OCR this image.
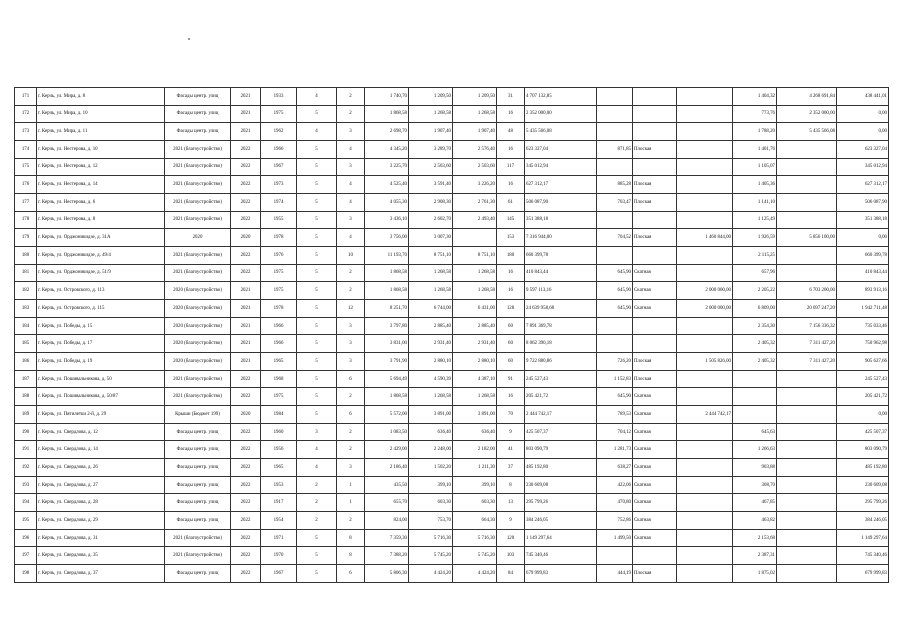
171	г. Керчь, ул. Мира, д. 8	Фасады центр. улиц	2021	1933	4	2	1 740,70	1 209,50	1 209,50	31	4 707 132,85				1 404,32	4 268 691,84	438 441,01
172	г. Керчь, ул. Мира, д. 10	Фасады центр. улиц	2021	1975	5	2	1 868,58	1 268,58	1 268,58	16	2 352 000,00				773,76	2 352 000,00	0,00
173	г. Керчь, ул. Мира, д. 11	Фасады центр. улиц	2021	1962	4	3	2 698,70	1 907,40	1 907,40	48	5 435 566,08				1 788,20	5 435 566,08	0,00
174	г. Керчь, ул. Нестерова, д. 10	2021 (благоустройство)	2022	1966	5	4	4 345,20	3 289,70	2 576,40	16	623 327,04	871,85	Плоская		1 401,76		623 327,04
175	г. Керчь, ул. Нестерова, д. 12	2021 (благоустройство)	2022	1967	5	3	3 225,70	2 503,60	2 503,60	117	345 012,94				1 105,07		345 012,94
176	г. Керчь, ул. Нестерова, д. 14	2021 (благоустройство)	2022	1973	5	4	4 525,40	3 591,40	3 226,20	16	627 312,17	885,28	Плоская		1 405,36		627 312,17
177	г. Керчь, ул. Нестерова, д. 6	2021 (благоустройство)	2022	1974	5	4	4 055,30	2 908,30	2 761,30	61	506 087,90	703,47	Плоская		1 141,10		506 087,90
178	г. Керчь, ул. Нестерова, д. 8	2021 (благоустройство)	2022	1955	5	3	3 436,10	2 602,70	2 493,40	145	351 388,18				1 125,49		351 388,18
179	г. Керчь, ул. Орджоникидзе, д. 31А	2020	2020	1978	5	4	3 756,00	3 007,30		153	7 316 944,00	704,52	Плоская	1 460 844,00	1 926,59	5 856 100,00	0,00
180	г. Керчь, ул. Орджоникидзе, д. 49/4	2021 (благоустройство)	2022	1976	5	10	11 193,70	8 751,10	8 751,10	180	660 399,78				2 115,25		660 399,78
181	г. Керчь, ул. Орджоникидзе, д. 51/9	2021 (благоустройство)	2022	1975	5	2	1 868,58	1 268,58	1 268,58	16	410 843,44	645,90	Скатная		657,96		410 843,44
182	г. Керчь, ул. Островского, д. 113	2020 (благоустройство)	2021	1975	5	2	1 868,58	1 268,58	1 268,58	16	9 597 113,16	645,90	Скатная	2 000 000,00	2 205,22	6 703 200,00	893 913,16
183	г. Керчь, ул. Островского, д. 115	2020 (благоустройство)	2021	1978	5	12	8 251,70	6 744,00	6 431,00	128	24 639 958,68	645,90	Скатная	2 000 000,00	6 809,00	20 697 247,20	1 942 711,48
184	г. Керчь, ул. Победы, д. 15	2020 (благоустройство)	2021	1966	5	3	3 797,80	2 885,40	2 885,40	60	7 891 369,78				2 354,30	7 156 336,32	735 033,46
185	г. Керчь, ул. Победы, д. 17	2020 (благоустройство)	2021	1966	5	3	3 831,00	2 931,40	2 931,40	60	8 062 390,18				2 405,32	7 311 427,20	750 962,98
186	г. Керчь, ул. Победы, д. 19	2020 (благоустройство)	2021	1965	5	3	3 791,90	2 880,10	2 880,10	60	9 722 880,86	726,20	Плоская	1 505 826,00	2 405,32	7 311 427,20	905 627,66
187	г. Керчь, ул. Пошивальникова, д. 50	2021 (благоустройство)	2022	1968	5	6	5 694,49	4 590,39	4 387,10	91	245 527,43	1 152,83	Плоская				245 527,43
188	г. Керчь, ул. Пошивальникова, д. 50/87	2021 (благоустройство)	2022	1975	5	2	1 868,58	1 268,58	1 268,58	16	205 421,72	645,90	Скатная				205 421,72
189	г. Керчь, ул. Пятилетки 2-й, д. 29	Крыши (Бюджет 199)	2020	1984	5	6	5 572,00	3 891,00	3 891,00	70	2 444 742,17	789,53	Скатная	2 444 742,17			0,00
190	г. Керчь, ул. Свердлова, д. 12	Фасады центр. улиц	2022	1960	3	2	1 083,50	636,40	636,40	9	425 507,37	704,12	Скатная		645,63		425 507,37
191	г. Керчь, ул. Свердлова, д. 14	Фасады центр. улиц	2022	1956	4	2	2 429,00	2 248,00	2 182,00	41	803 090,79	1 281,73	Скатная		1 266,63		803 090,79
192	г. Керчь, ул. Свердлова, д. 26	Фасады центр. улиц	2022	1965	4	3	2 186,40	1 502,20	1 211,30	37	485 192,80	638,27	Скатная		903,88		485 192,80
193	г. Керчь, ул. Свердлова, д. 27	Фасады центр. улиц	2022	1953	2	1	435,50	399,10	399,10	8	230 609,08	422,06	Скатная		308,70		230 609,08
194	г. Керчь, ул. Свердлова, д. 28	Фасады центр. улиц	2022	1917	2	1	655,70	603,30	603,30	13	295 799,26	470,80	Скатная		467,85		295 799,26
195	г. Керчь, ул. Свердлова, д. 29	Фасады центр. улиц	2022	1954	2	2	824,00	753,70	664,30	9	384 246,05	752,86	Скатная		463,82		384 246,05
196	г. Керчь, ул. Свердлова, д. 31	2021 (благоустройство)	2022	1971	5	8	7 359,30	5 716,30	5 716,30	120	1 149 297,64	1 499,50	Скатная		2 153,68		1 149 297,64
197	г. Керчь, ул. Свердлова, д. 35	2021 (благоустройство)	2022	1970	5	8	7 388,20	5 745,20	5 745,20	103	745 340,46				2 387,31		745 340,46
198	г. Керчь, ул. Свердлова, д. 37	Фасады центр. улиц	2022	1967	5	6	5 806,30	4 424,20	4 424,20	84	679 999,83	444,19	Плоская		1 875,02		679 999,83
